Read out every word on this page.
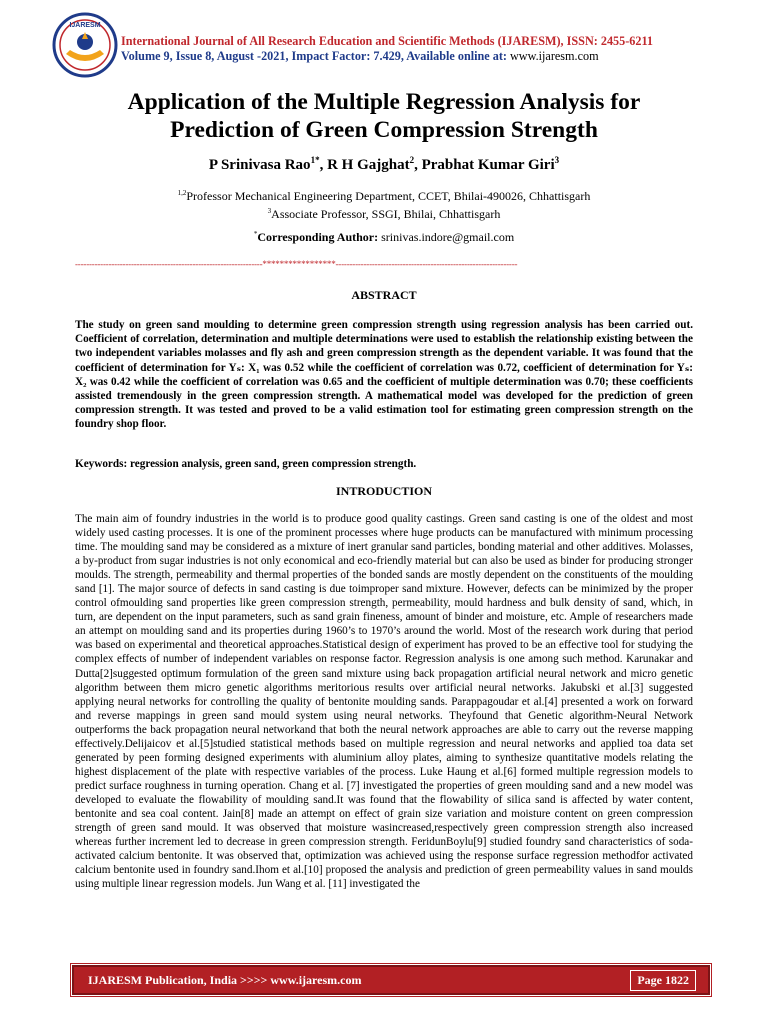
IJARESM
International Journal of All Research Education and Scientific Methods (IJARESM), ISSN: 2455-6211
Volume 9, Issue 8, August -2021, Impact Factor: 7.429, Available online at: www.ijaresm.com
Application of the Multiple Regression Analysis for
Prediction of Green Compression Strength
P Srinivasa Rao$^{1*}$, R H Gajghat$^2$, Prabhat Kumar Giri$^3$
$^{1,2}$Professor Mechanical Engineering Department, CCET, Bhilai-490026, Chhattisgarh
$^3$Associate Professor, SSGI, Bhilai, Chhattisgarh
*Corresponding Author: srinivas.indore@gmail.com
-------------------------------------------------------------------*****************-----------------------------------------------------------------
ABSTRACT
The study on green sand moulding to determine green compression strength using regression analysis has been carried out. Coefficient of correlation, determination and multiple determinations were used to establish the relationship existing between the two independent variables molasses and fly ash and green compression strength as the dependent variable. It was found that the coefficient of determination for Yₛ: X₁ was 0.52 while the coefficient of correlation was 0.72, coefficient of determination for Yₛ: X₂ was 0.42 while the coefficient of correlation was 0.65 and the coefficient of multiple determination was 0.70; these coefficients assisted tremendously in the green compression strength. A mathematical model was developed for the prediction of green compression strength. It was tested and proved to be a valid estimation tool for estimating green compression strength on the foundry shop floor.
Keywords: regression analysis, green sand, green compression strength.
INTRODUCTION
The main aim of foundry industries in the world is to produce good quality castings. Green sand casting is one of the oldest and most widely used casting processes. It is one of the prominent processes where huge products can be manufactured with minimum processing time. The moulding sand may be considered as a mixture of inert granular sand particles, bonding material and other additives. Molasses, a by-product from sugar industries is not only economical and eco-friendly material but can also be used as binder for producing stronger moulds. The strength, permeability and thermal properties of the bonded sands are mostly dependent on the constituents of the moulding sand [1]. The major source of defects in sand casting is due toimproper sand mixture. However, defects can be minimized by the proper control ofmoulding sand properties like green compression strength, permeability, mould hardness and bulk density of sand, which, in turn, are dependent on the input parameters, such as sand grain fineness, amount of binder and moisture, etc. Ample of researchers made an attempt on moulding sand and its properties during 1960’s to 1970’s around the world. Most of the research work during that period was based on experimental and theoretical approaches.Statistical design of experiment has proved to be an effective tool for studying the complex effects of number of independent variables on response factor. Regression analysis is one among such method. Karunakar and Dutta[2]suggested optimum formulation of the green sand mixture using back propagation artificial neural network and micro genetic algorithm between them micro genetic algorithms meritorious results over artificial neural networks. Jakubski et al.[3] suggested applying neural networks for controlling the quality of bentonite moulding sands. Parappagoudar et al.[4] presented a work on forward and reverse mappings in green sand mould system using neural networks. Theyfound that Genetic algorithm-Neural Network outperforms the back propagation neural networkand that both the neural network approaches are able to carry out the reverse mapping effectively.Delijaicov et al.[5]studied statistical methods based on multiple regression and neural networks and applied toa data set generated by peen forming designed experiments with aluminium alloy plates, aiming to synthesize quantitative models relating the highest displacement of the plate with respective variables of the process. Luke Haung et al.[6] formed multiple regression models to predict surface roughness in turning operation. Chang et al. [7] investigated the properties of green moulding sand and a new model was developed to evaluate the flowability of moulding sand.It was found that the flowability of silica sand is affected by water content, bentonite and sea coal content. Jain[8] made an attempt on effect of grain size variation and moisture content on green compression strength of green sand mould. It was observed that moisture wasincreased,respectively green compression strength also increased whereas further increment led to decrease in green compression strength. FeridunBoylu[9] studied foundry sand characteristics of soda-activated calcium bentonite. It was observed that, optimization was achieved using the response surface regression methodfor activated calcium bentonite used in foundry sand.Ihom et al.[10] proposed the analysis and prediction of green permeability values in sand moulds using multiple linear regression models. Jun Wang et al. [11] investigated the
IJARESM Publication, India >>>> www.ijaresm.com	Page 1822
